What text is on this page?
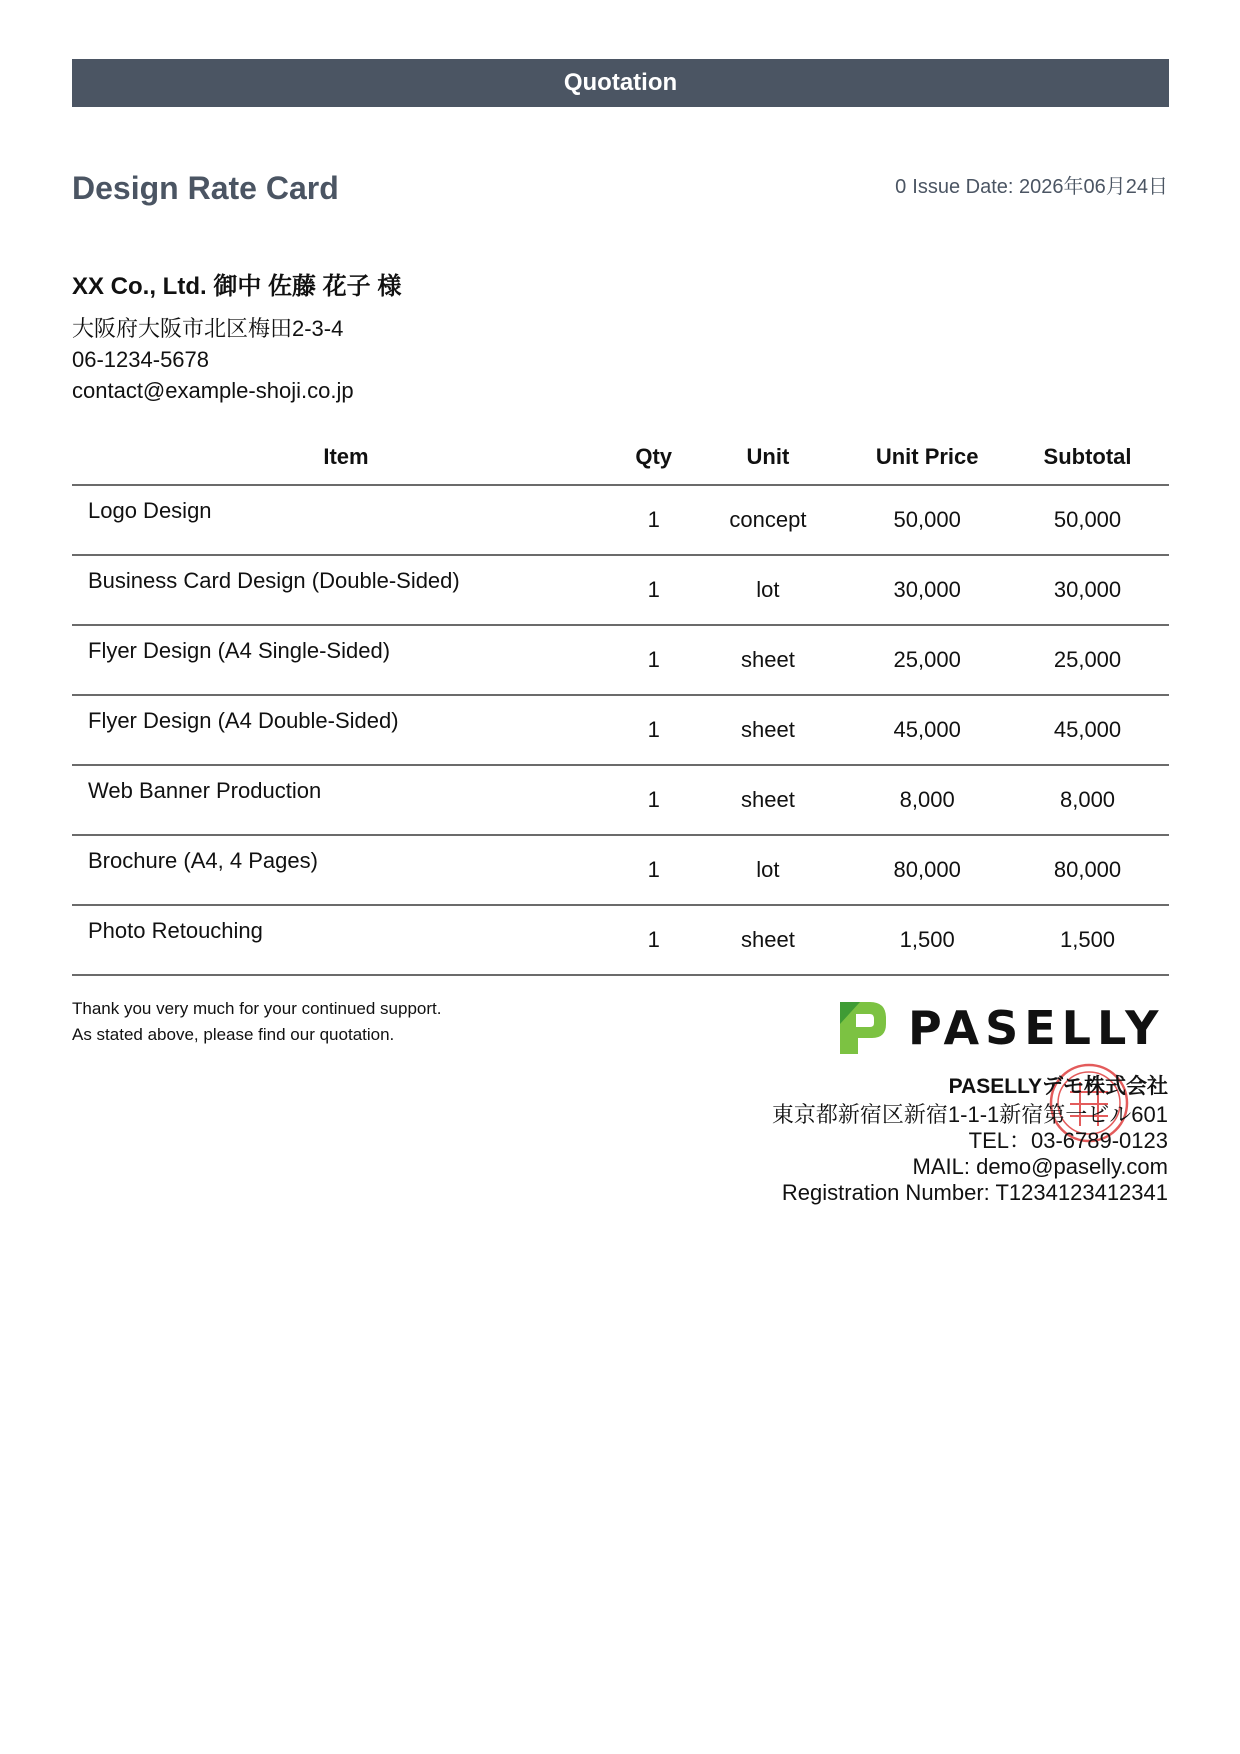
Quotation
Design Rate Card	0 Issue Date: 2026年06月24日
XX Co., Ltd. 御中 佐藤 花子 様
大阪府大阪市北区梅田2-3-4
06-1234-5678
contact@example-shoji.co.jp
Item	Qty	Unit	Unit Price	Subtotal
Logo Design	1	concept	50,000	50,000
Business Card Design (Double-Sided)	1	lot	30,000	30,000
Flyer Design (A4 Single-Sided)	1	sheet	25,000	25,000
Flyer Design (A4 Double-Sided)	1	sheet	45,000	45,000
Web Banner Production	1	sheet	8,000	8,000
Brochure (A4, 4 Pages)	1	lot	80,000	80,000
Photo Retouching	1	sheet	1,500	1,500
Thank you very much for your continued support.
As stated above, please find our quotation.	PASELLY
PASELLYデモ株式会社
東京都新宿区新宿1-1-1新宿第一ビル601
TEL：03-6789-0123
MAIL: demo@paselly.com
Registration Number: T1234123412341
